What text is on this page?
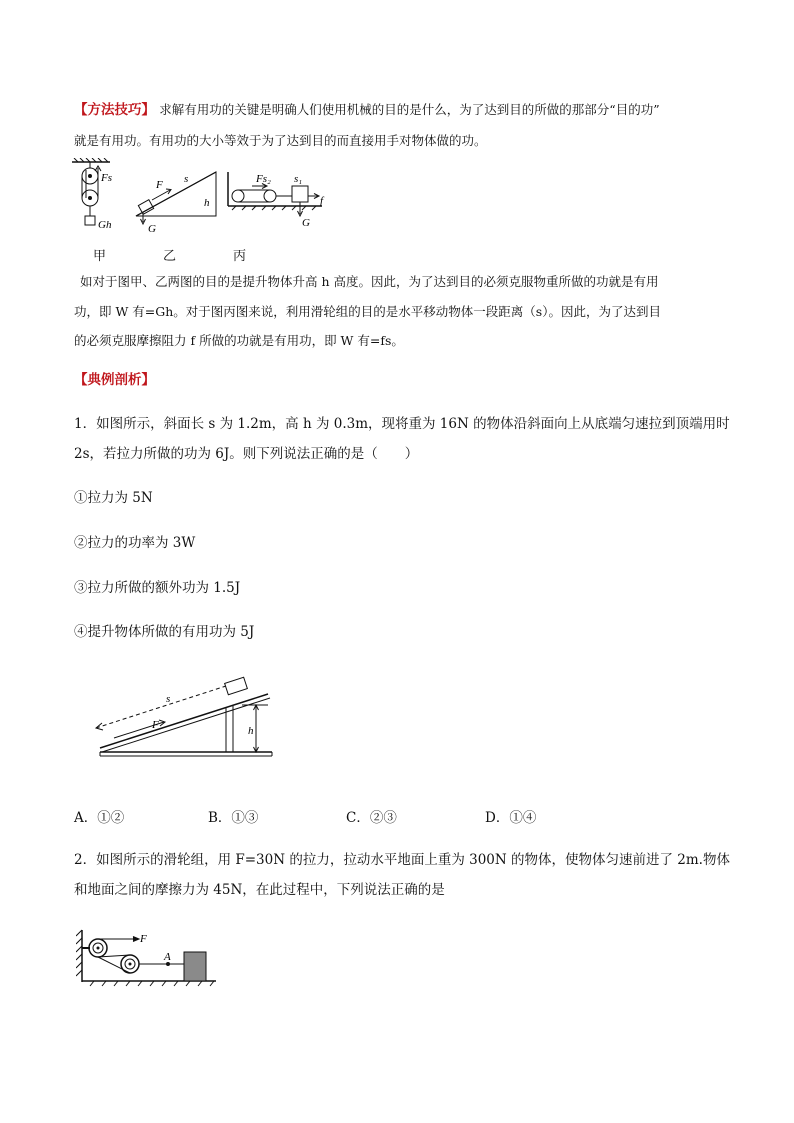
【方法技巧】 求解有用功的关键是明确人们使用机械的目的是什么，为了达到目的所做的那部分“目的功”
就是有用功。有用功的大小等效于为了达到目的而直接用手对物体做的功。
Fs
Gh
F s
h
G
Fs₂ s₁
f
G
甲	乙	丙
如对于图甲、乙两图的目的是提升物体升高 h 高度。因此，为了达到目的必须克服物重所做的功就是有用
功，即 W 有=Gh。对于图丙图来说，利用滑轮组的目的是水平移动物体一段距离（s）。因此，为了达到目
的必须克服摩擦阻力 f 所做的功就是有用功，即 W 有=fs。
【典例剖析】
1．如图所示，斜面长 s 为 1.2m，高 h 为 0.3m，现将重为 16N 的物体沿斜面向上从底端匀速拉到顶端用时
2s，若拉力所做的功为 6J。则下列说法正确的是（　　）
①拉力为 5N
②拉力的功率为 3W
③拉力所做的额外功为 1.5J
④提升物体所做的有用功为 5J
s
F	h
A．①②	B．①③	C．②③	D．①④
2．如图所示的滑轮组，用 F=30N 的拉力，拉动水平地面上重为 300N 的物体，使物体匀速前进了 2m.物体
和地面之间的摩擦力为 45N，在此过程中，下列说法正确的是
F
A
